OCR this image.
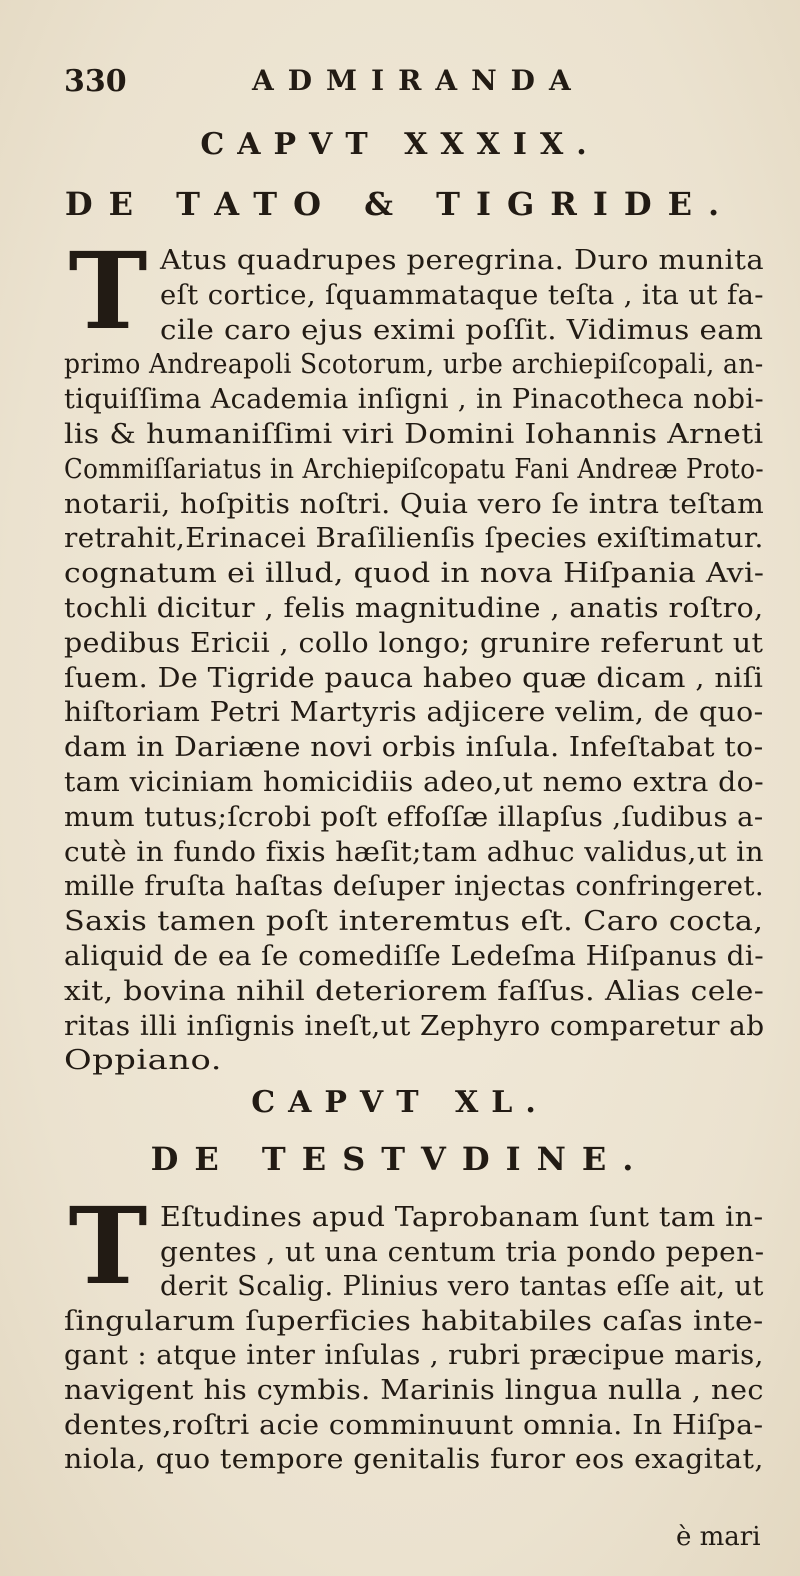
330	ADMIRANDA
CAPVT XXXIX.
DE TATO & TIGRIDE.
T Atus quadrupes peregrina. Duro munita
eſt cortice, ſquammataque teſta , ita ut fa-
cile caro ejus eximi poſſit. Vidimus eam
primo Andreapoli Scotorum, urbe archiepiſcopali, an-
tiquiſſima Academia inſigni , in Pinacotheca nobi-
lis & humaniſſimi viri Domini Iohannis Arneti
Commiſſariatus in Archiepiſcopatu Fani Andreæ Proto-
notarii, hoſpitis noſtri. Quia vero ſe intra teſtam
retrahit,Erinacei Braſilienſis ſpecies exiſtimatur.
cognatum ei illud, quod in nova Hiſpania Avi-
tochli dicitur , felis magnitudine , anatis roſtro,
pedibus Ericii , collo longo; grunire referunt ut
ſuem. De Tigride pauca habeo quæ dicam , niſi
hiſtoriam Petri Martyris adjicere velim, de quo-
dam in Dariæne novi orbis inſula. Infeſtabat to-
tam viciniam homicidiis adeo,ut nemo extra do-
mum tutus;ſcrobi poſt effoſſæ illapſus ,ſudibus a-
cutè in fundo fixis hæſit;tam adhuc validus,ut in
mille fruſta haſtas deſuper injectas confringeret.
Saxis tamen poſt interemtus eſt. Caro cocta,
aliquid de ea ſe comediſſe Ledeſma Hiſpanus di-
xit, bovina nihil deteriorem faſſus. Alias cele-
ritas illi inſignis ineſt,ut Zephyro comparetur ab
Oppiano.
CAPVT XL.
DE TESTVDINE.
T Eſtudines apud Taprobanam ſunt tam in-
gentes , ut una centum tria pondo pepen-
derit Scalig. Plinius vero tantas eſſe ait, ut
ſingularum ſuperficies habitabiles caſas inte-
gant : atque inter inſulas , rubri præcipue maris,
navigent his cymbis. Marinis lingua nulla , nec
dentes,roſtri acie comminuunt omnia. In Hiſpa-
niola, quo tempore genitalis furor eos exagitat,
è mari
